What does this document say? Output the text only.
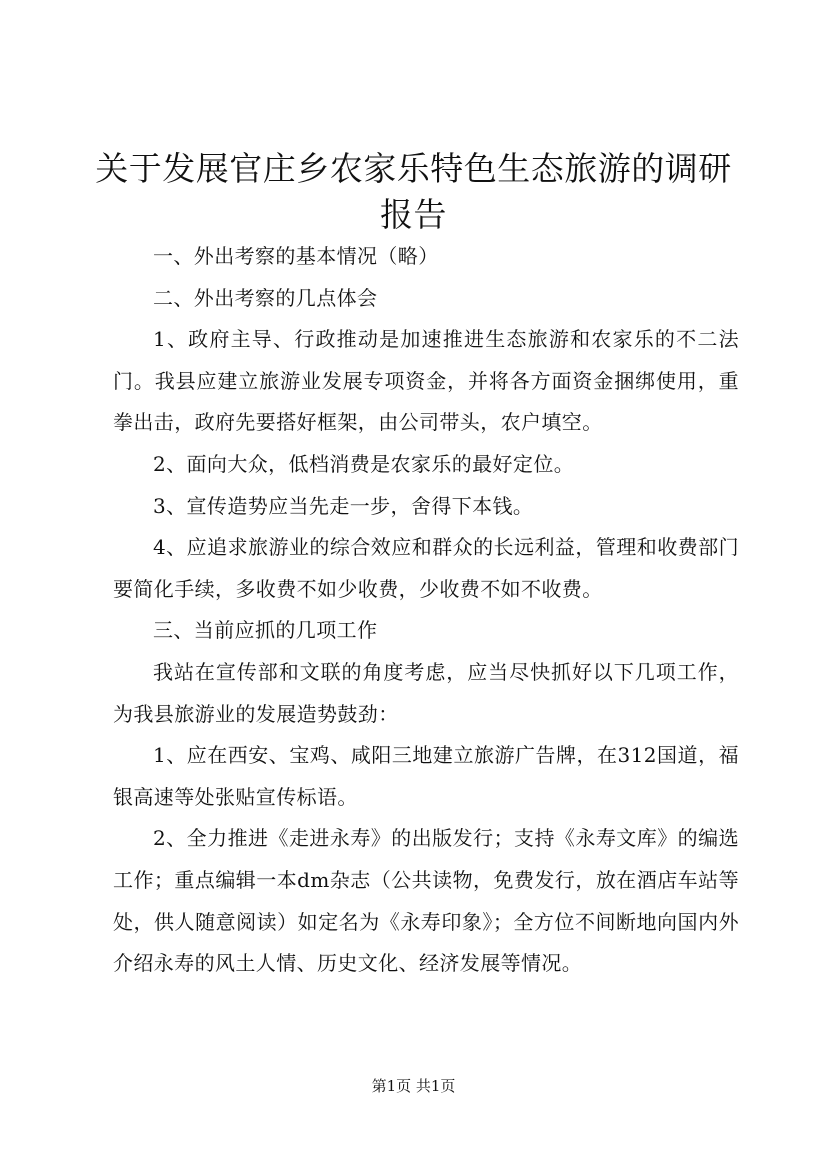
关于发展官庄乡农家乐特色生态旅游的调研报告

一、外出考察的基本情况（略）

二、外出考察的几点体会

1、政府主导、行政推动是加速推进生态旅游和农家乐的不二法门。我县应建立旅游业发展专项资金，并将各方面资金捆绑使用，重拳出击，政府先要搭好框架，由公司带头，农户填空。

2、面向大众，低档消费是农家乐的最好定位。

3、宣传造势应当先走一步，舍得下本钱。

4、应追求旅游业的综合效应和群众的长远利益，管理和收费部门要简化手续，多收费不如少收费，少收费不如不收费。

三、当前应抓的几项工作

我站在宣传部和文联的角度考虑，应当尽快抓好以下几项工作，为我县旅游业的发展造势鼓劲：

1、应在西安、宝鸡、咸阳三地建立旅游广告牌，在312国道，福银高速等处张贴宣传标语。

2、全力推进《走进永寿》的出版发行；支持《永寿文库》的编选工作；重点编辑一本dm杂志（公共读物，免费发行，放在酒店车站等处，供人随意阅读）如定名为《永寿印象》；全方位不间断地向国内外介绍永寿的风土人情、历史文化、经济发展等情况。

第1页 共1页
